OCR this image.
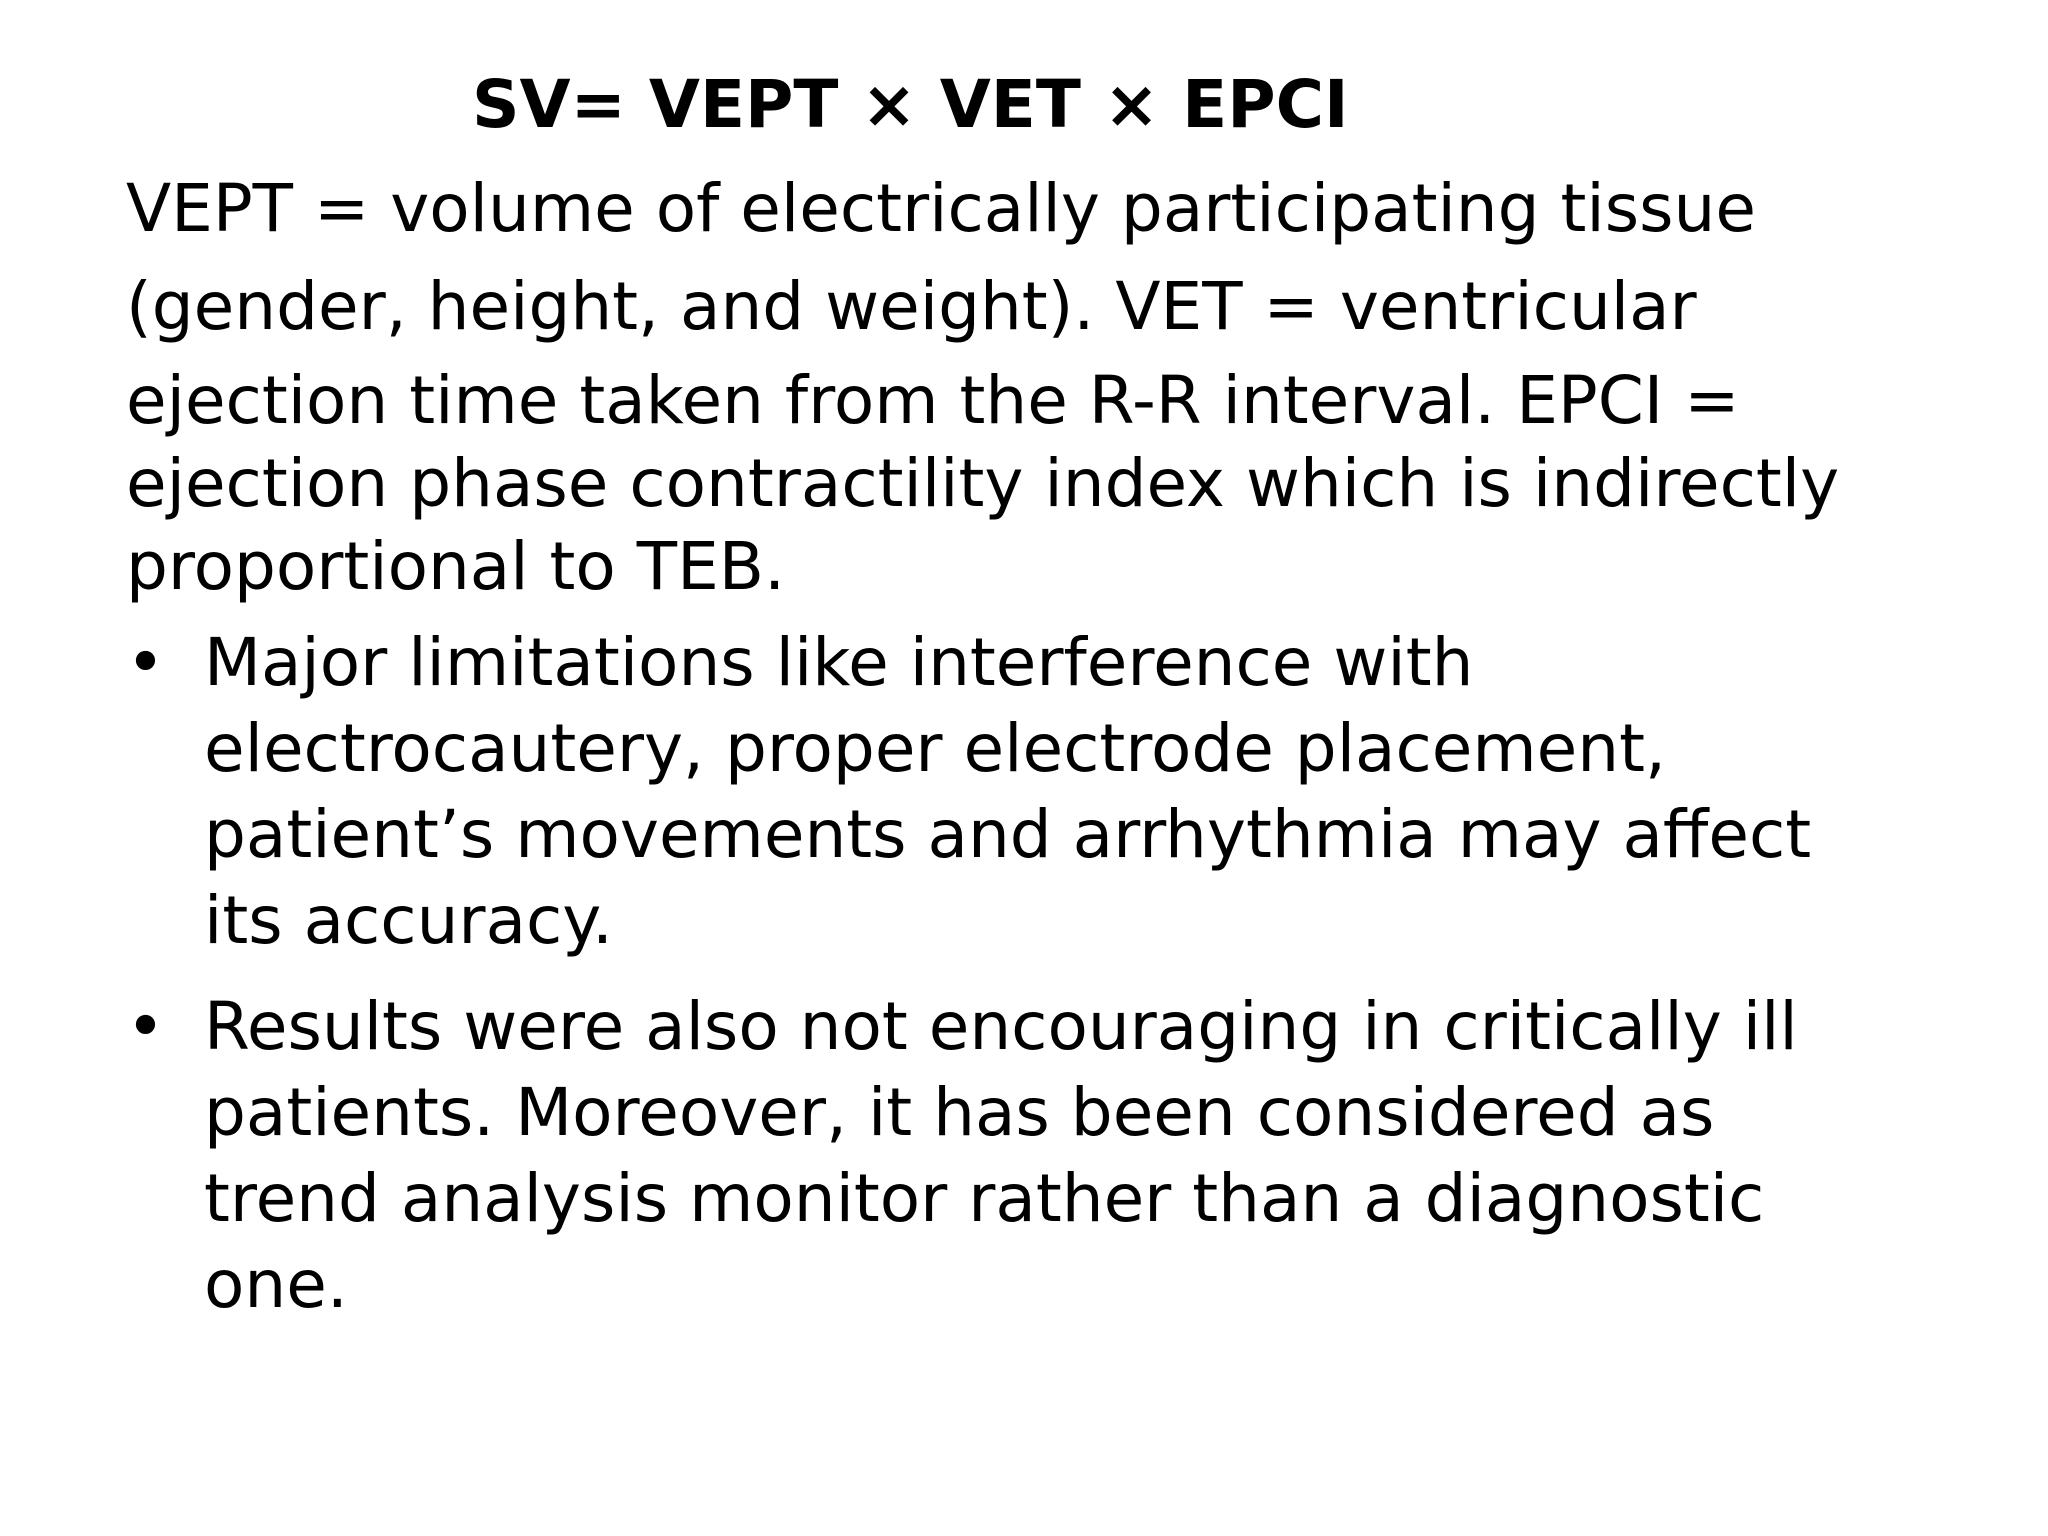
SV= VEPT × VET × EPCI

VEPT = volume of electrically participating tissue

(gender, height, and weight). VET = ventricular

ejection time taken from the R-R interval. EPCI =

ejection phase contractility index which is indirectly

proportional to TEB.

• Major limitations like interference with
electrocautery, proper electrode placement,
patient’s movements and arrhythmia may affect
its accuracy.
• Results were also not encouraging in critically ill
patients. Moreover, it has been considered as
trend analysis monitor rather than a diagnostic
one.
